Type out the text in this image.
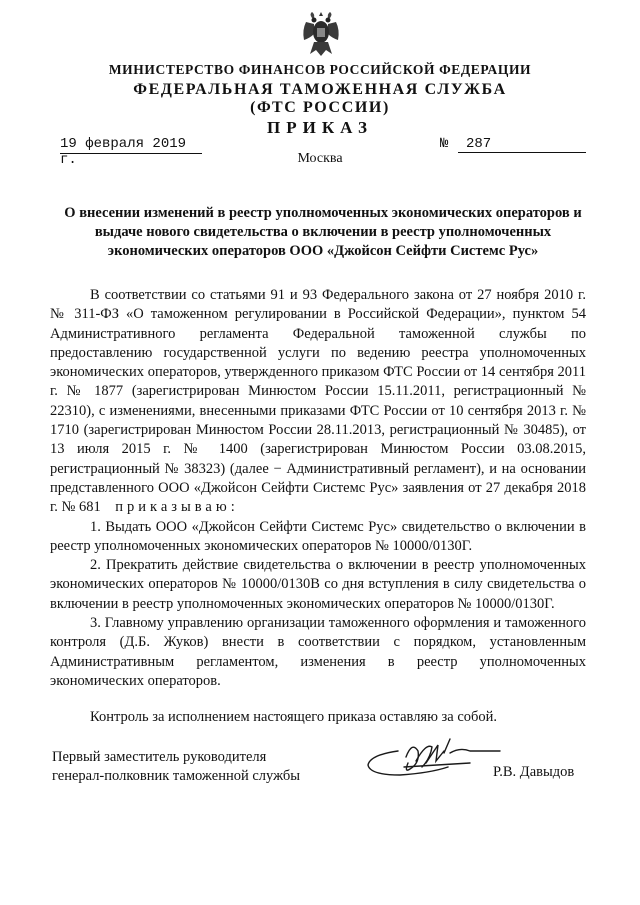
МИНИСТЕРСТВО ФИНАНСОВ РОССИЙСКОЙ ФЕДЕРАЦИИ
ФЕДЕРАЛЬНАЯ ТАМОЖЕННАЯ СЛУЖБА
(ФТС РОССИИ)
ПРИКАЗ
19 февраля 2019 г.
№	287
Москва
О внесении изменений в реестр уполномоченных экономических операторов и выдаче нового свидетельства о включении в реестр уполномоченных экономических операторов ООО «Джойсон Сейфти Системс Рус»

В соответствии со статьями 91 и 93 Федерального закона от 27 ноября 2010 г. № 311-ФЗ «О таможенном регулировании в Российской Федерации», пунктом 54 Административного регламента Федеральной таможенной службы по предоставлению государственной услуги по ведению реестра уполномоченных экономических операторов, утвержденного приказом ФТС России от 14 сентября 2011 г. № 1877 (зарегистрирован Минюстом России 15.11.2011, регистрационный № 22310), с изменениями, внесенными приказами ФТС России от 10 сентября 2013 г. № 1710 (зарегистрирован Минюстом России 28.11.2013, регистрационный № 30485), от 13 июля 2015 г. № 1400 (зарегистрирован Минюстом России 03.08.2015, регистрационный № 38323) (далее − Административный регламент), и на основании представленного ООО «Джойсон Сейфти Системс Рус» заявления от 27 декабря 2018 г. № 681 приказываю:

1. Выдать ООО «Джойсон Сейфти Системс Рус» свидетельство о включении в реестр уполномоченных экономических операторов № 10000/0130Г.

2. Прекратить действие свидетельства о включении в реестр уполномоченных экономических операторов № 10000/0130В со дня вступления в силу свидетельства о включении в реестр уполномоченных экономических операторов № 10000/0130Г.

3. Главному управлению организации таможенного оформления и таможенного контроля (Д.Б. Жуков) внести в соответствии с порядком, установленным Административным регламентом, изменения в реестр уполномоченных экономических операторов.

Контроль за исполнением настоящего приказа оставляю за собой.

Первый заместитель руководителя
генерал-полковник таможенной службы	Р.В. Давыдов
